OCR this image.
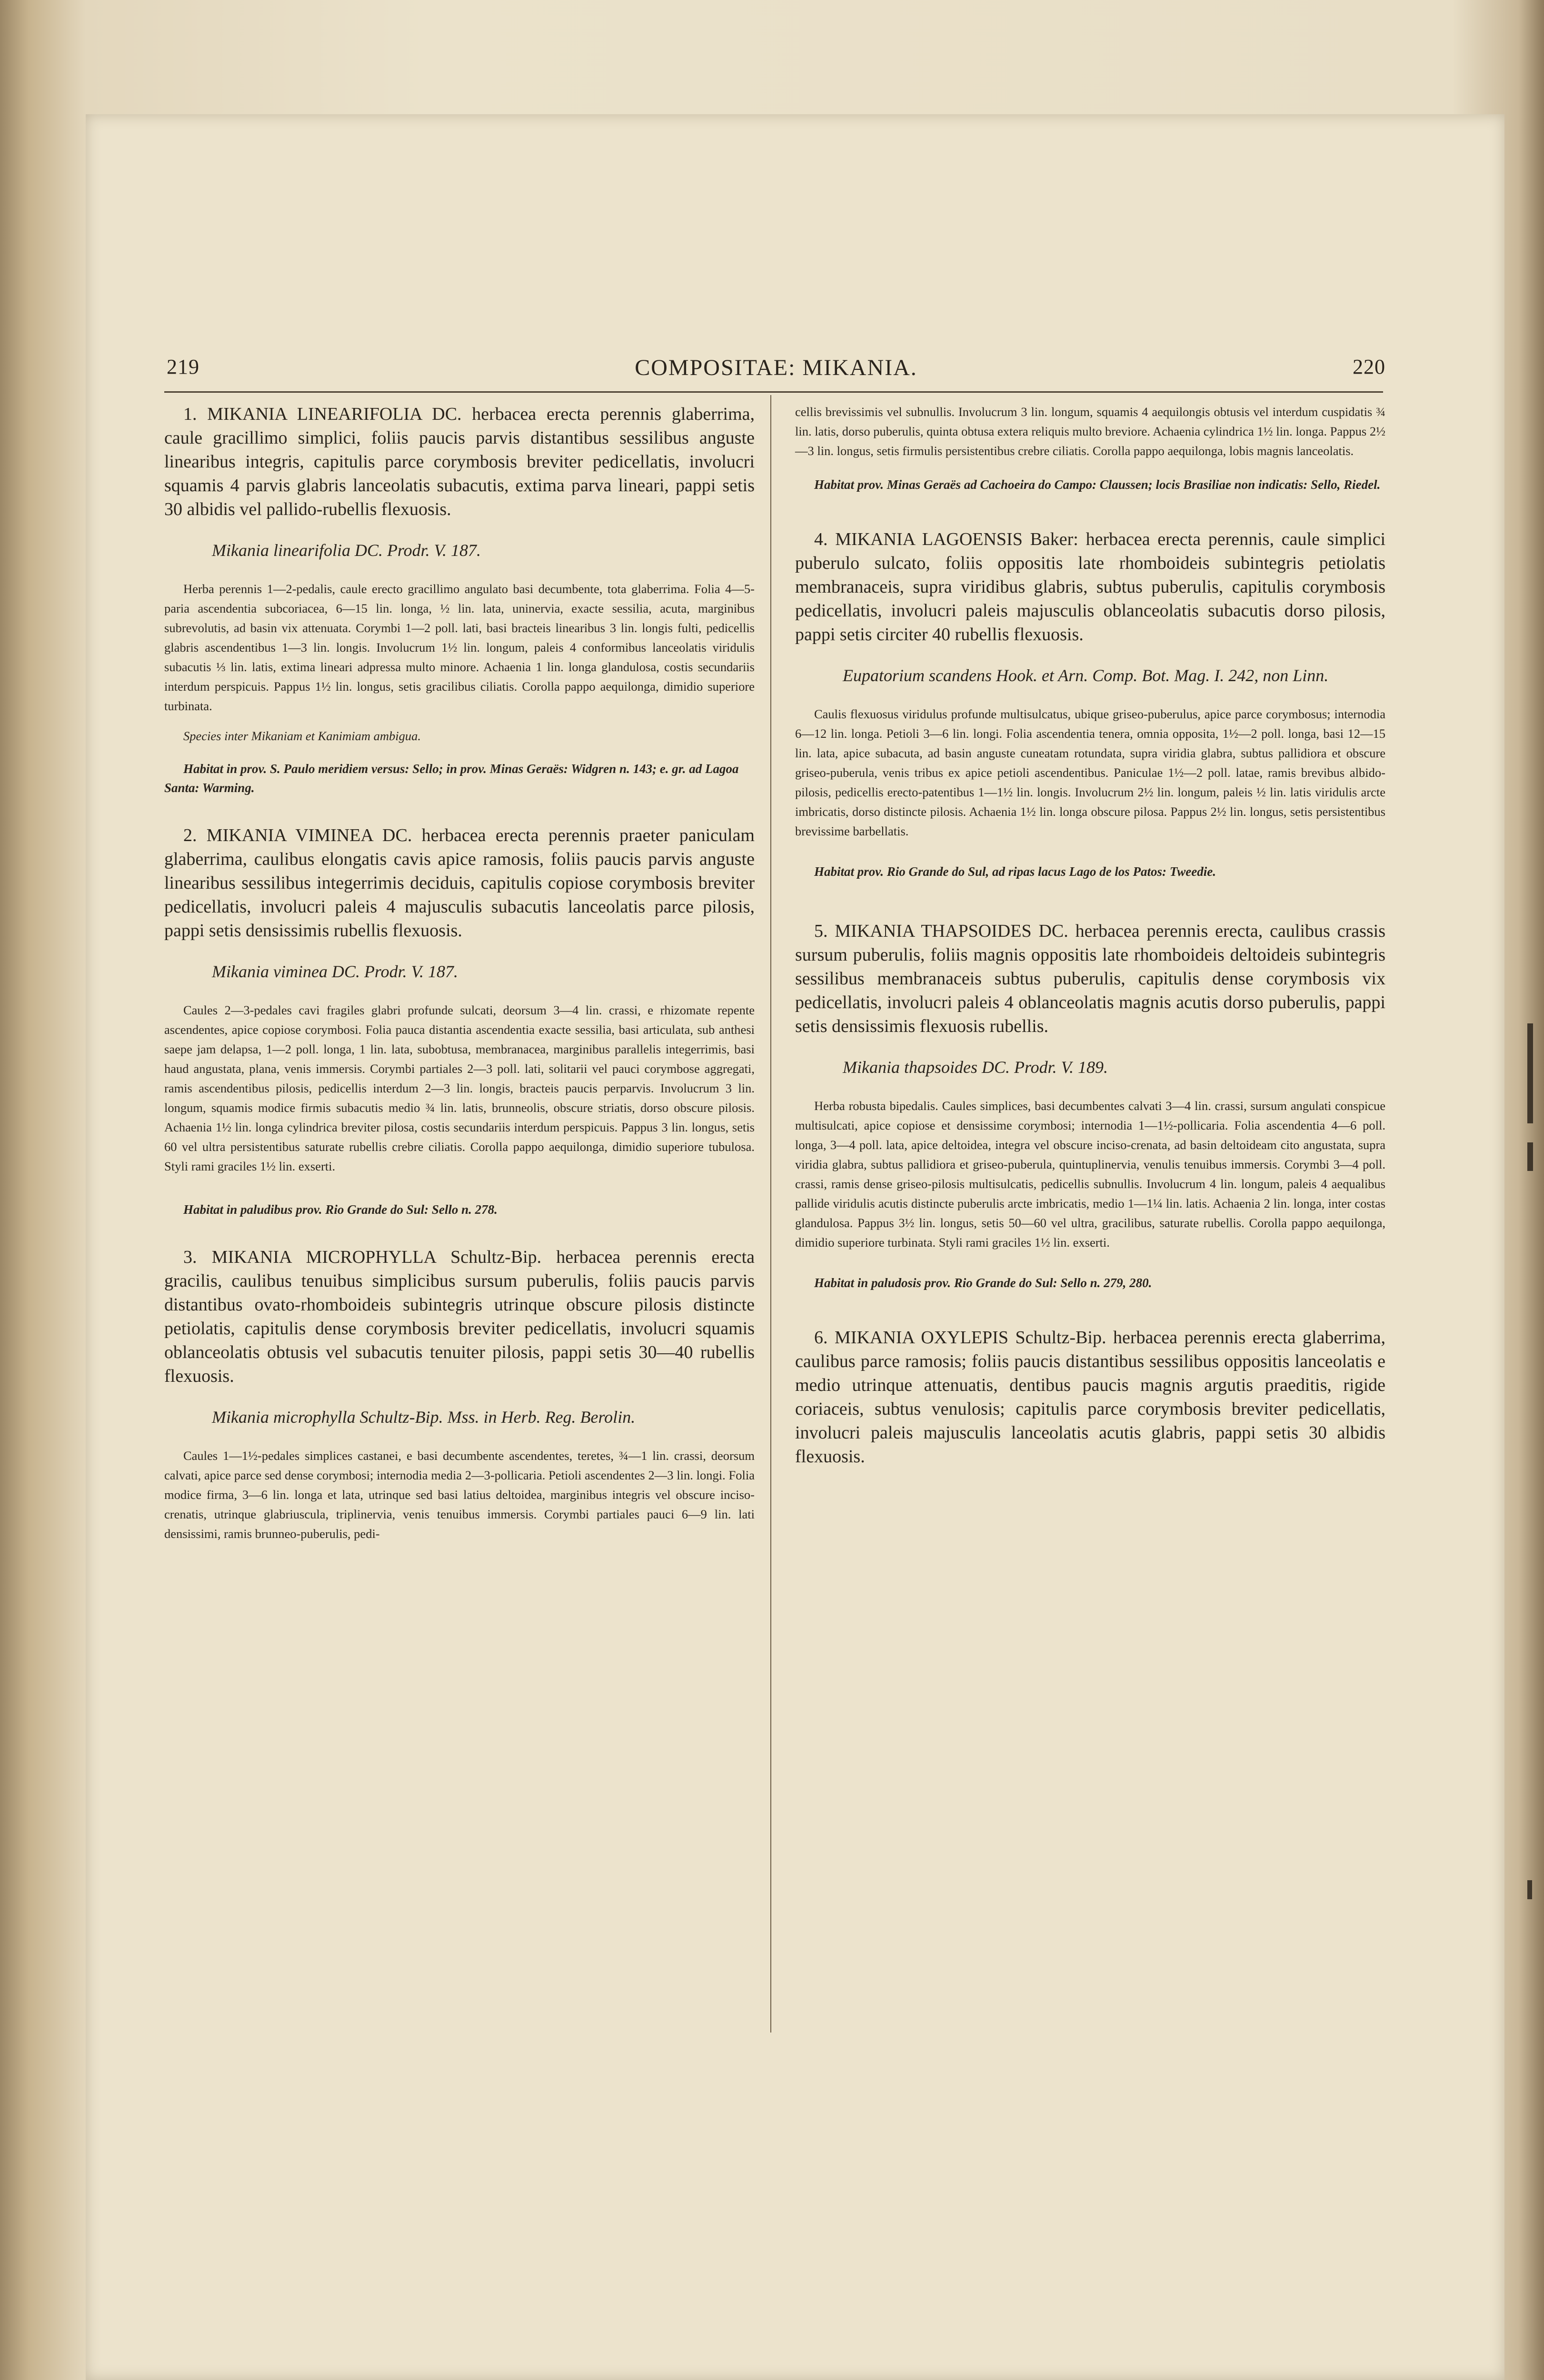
219	COMPOSITAE: MIKANIA.	220

1. MIKANIA LINEARIFOLIA DC. herbacea erecta perennis glaberrima, caule gracillimo simplici, foliis paucis parvis distantibus sessilibus anguste linearibus integris, capitulis parce corymbosis breviter pedicellatis, involucri squamis 4 parvis glabris lanceolatis subacutis, extima parva lineari, pappi setis 30 albidis vel pallido-rubellis flexuosis.

Mikania linearifolia DC. Prodr. V. 187.

Herba perennis 1—2-pedalis, caule erecto gracillimo angulato basi decumbente, tota glaberrima. Folia 4—5-paria ascendentia subcoriacea, 6—15 lin. longa, ½ lin. lata, uninervia, exacte sessilia, acuta, marginibus subrevolutis, ad basin vix attenuata. Corymbi 1—2 poll. lati, basi bracteis linearibus 3 lin. longis fulti, pedicellis glabris ascendentibus 1—3 lin. longis. Involucrum 1½ lin. longum, paleis 4 conformibus lanceolatis viridulis subacutis ⅓ lin. latis, extima lineari adpressa multo minore. Achaenia 1 lin. longa glandulosa, costis secundariis interdum perspicuis. Pappus 1½ lin. longus, setis gracilibus ciliatis. Corolla pappo aequilonga, dimidio superiore turbinata.

Species inter Mikaniam et Kanimiam ambigua.

Habitat in prov. S. Paulo meridiem versus: Sello; in prov. Minas Geraës: Widgren n. 143; e. gr. ad Lagoa Santa: Warming.

2. MIKANIA VIMINEA DC. herbacea erecta perennis praeter paniculam glaberrima, caulibus elongatis cavis apice ramosis, foliis paucis parvis anguste linearibus sessilibus integerrimis deciduis, capitulis copiose corymbosis breviter pedicellatis, involucri paleis 4 majusculis subacutis lanceolatis parce pilosis, pappi setis densissimis rubellis flexuosis.

Mikania viminea DC. Prodr. V. 187.

Caules 2—3-pedales cavi fragiles glabri profunde sulcati, deorsum 3—4 lin. crassi, e rhizomate repente ascendentes, apice copiose corymbosi. Folia pauca distantia ascendentia exacte sessilia, basi articulata, sub anthesi saepe jam delapsa, 1—2 poll. longa, 1 lin. lata, subobtusa, membranacea, marginibus parallelis integerrimis, basi haud angustata, plana, venis immersis. Corymbi partiales 2—3 poll. lati, solitarii vel pauci corymbose aggregati, ramis ascendentibus pilosis, pedicellis interdum 2—3 lin. longis, bracteis paucis perparvis. Involucrum 3 lin. longum, squamis modice firmis subacutis medio ¾ lin. latis, brunneolis, obscure striatis, dorso obscure pilosis. Achaenia 1½ lin. longa cylindrica breviter pilosa, costis secundariis interdum perspicuis. Pappus 3 lin. longus, setis 60 vel ultra persistentibus saturate rubellis crebre ciliatis. Corolla pappo aequilonga, dimidio superiore tubulosa. Styli rami graciles 1½ lin. exserti.

Habitat in paludibus prov. Rio Grande do Sul: Sello n. 278.

3. MIKANIA MICROPHYLLA Schultz-Bip. herbacea perennis erecta gracilis, caulibus tenuibus simplicibus sursum puberulis, foliis paucis parvis distantibus ovato-rhomboideis subintegris utrinque obscure pilosis distincte petiolatis, capitulis dense corymbosis breviter pedicellatis, involucri squamis oblanceolatis obtusis vel subacutis tenuiter pilosis, pappi setis 30—40 rubellis flexuosis.

Mikania microphylla Schultz-Bip. Mss. in Herb. Reg. Berolin.

Caules 1—1½-pedales simplices castanei, e basi decumbente ascendentes, teretes, ¾—1 lin. crassi, deorsum calvati, apice parce sed dense corymbosi; internodia media 2—3-pollicaria. Petioli ascendentes 2—3 lin. longi. Folia modice firma, 3—6 lin. longa et lata, utrinque sed basi latius deltoidea, marginibus integris vel obscure inciso-crenatis, utrinque glabriuscula, triplinervia, venis tenuibus immersis. Corymbi partiales pauci 6—9 lin. lati densissimi, ramis brunneo-puberulis, pedi-

cellis brevissimis vel subnullis. Involucrum 3 lin. longum, squamis 4 aequilongis obtusis vel interdum cuspidatis ¾ lin. latis, dorso puberulis, quinta obtusa extera reliquis multo breviore. Achaenia cylindrica 1½ lin. longa. Pappus 2½—3 lin. longus, setis firmulis persistentibus crebre ciliatis. Corolla pappo aequilonga, lobis magnis lanceolatis.

Habitat prov. Minas Geraës ad Cachoeira do Campo: Claussen; locis Brasiliae non indicatis: Sello, Riedel.

4. MIKANIA LAGOENSIS Baker: herbacea erecta perennis, caule simplici puberulo sulcato, foliis oppositis late rhomboideis subintegris petiolatis membranaceis, supra viridibus glabris, subtus puberulis, capitulis corymbosis pedicellatis, involucri paleis majusculis oblanceolatis subacutis dorso pilosis, pappi setis circiter 40 rubellis flexuosis.

Eupatorium scandens Hook. et Arn. Comp. Bot. Mag. I. 242, non Linn.

Caulis flexuosus viridulus profunde multisulcatus, ubique griseo-puberulus, apice parce corymbosus; internodia 6—12 lin. longa. Petioli 3—6 lin. longi. Folia ascendentia tenera, omnia opposita, 1½—2 poll. longa, basi 12—15 lin. lata, apice subacuta, ad basin anguste cuneatam rotundata, supra viridia glabra, subtus pallidiora et obscure griseo-puberula, venis tribus ex apice petioli ascendentibus. Paniculae 1½—2 poll. latae, ramis brevibus albido-pilosis, pedicellis erecto-patentibus 1—1½ lin. longis. Involucrum 2½ lin. longum, paleis ½ lin. latis viridulis arcte imbricatis, dorso distincte pilosis. Achaenia 1½ lin. longa obscure pilosa. Pappus 2½ lin. longus, setis persistentibus brevissime barbellatis.

Habitat prov. Rio Grande do Sul, ad ripas lacus Lago de los Patos: Tweedie.

5. MIKANIA THAPSOIDES DC. herbacea perennis erecta, caulibus crassis sursum puberulis, foliis magnis oppositis late rhomboideis deltoideis subintegris sessilibus membranaceis subtus puberulis, capitulis dense corymbosis vix pedicellatis, involucri paleis 4 oblanceolatis magnis acutis dorso puberulis, pappi setis densissimis flexuosis rubellis.

Mikania thapsoides DC. Prodr. V. 189.

Herba robusta bipedalis. Caules simplices, basi decumbentes calvati 3—4 lin. crassi, sursum angulati conspicue multisulcati, apice copiose et densissime corymbosi; internodia 1—1½-pollicaria. Folia ascendentia 4—6 poll. longa, 3—4 poll. lata, apice deltoidea, integra vel obscure inciso-crenata, ad basin deltoideam cito angustata, supra viridia glabra, subtus pallidiora et griseo-puberula, quintuplinervia, venulis tenuibus immersis. Corymbi 3—4 poll. crassi, ramis dense griseo-pilosis multisulcatis, pedicellis subnullis. Involucrum 4 lin. longum, paleis 4 aequalibus pallide viridulis acutis distincte puberulis arcte imbricatis, medio 1—1¼ lin. latis. Achaenia 2 lin. longa, inter costas glandulosa. Pappus 3½ lin. longus, setis 50—60 vel ultra, gracilibus, saturate rubellis. Corolla pappo aequilonga, dimidio superiore turbinata. Styli rami graciles 1½ lin. exserti.

Habitat in paludosis prov. Rio Grande do Sul: Sello n. 279, 280.

6. MIKANIA OXYLEPIS Schultz-Bip. herbacea perennis erecta glaberrima, caulibus parce ramosis; foliis paucis distantibus sessilibus oppositis lanceolatis e medio utrinque attenuatis, dentibus paucis magnis argutis praeditis, rigide coriaceis, subtus venulosis; capitulis parce corymbosis breviter pedicellatis, involucri paleis majusculis lanceolatis acutis glabris, pappi setis 30 albidis flexuosis.
